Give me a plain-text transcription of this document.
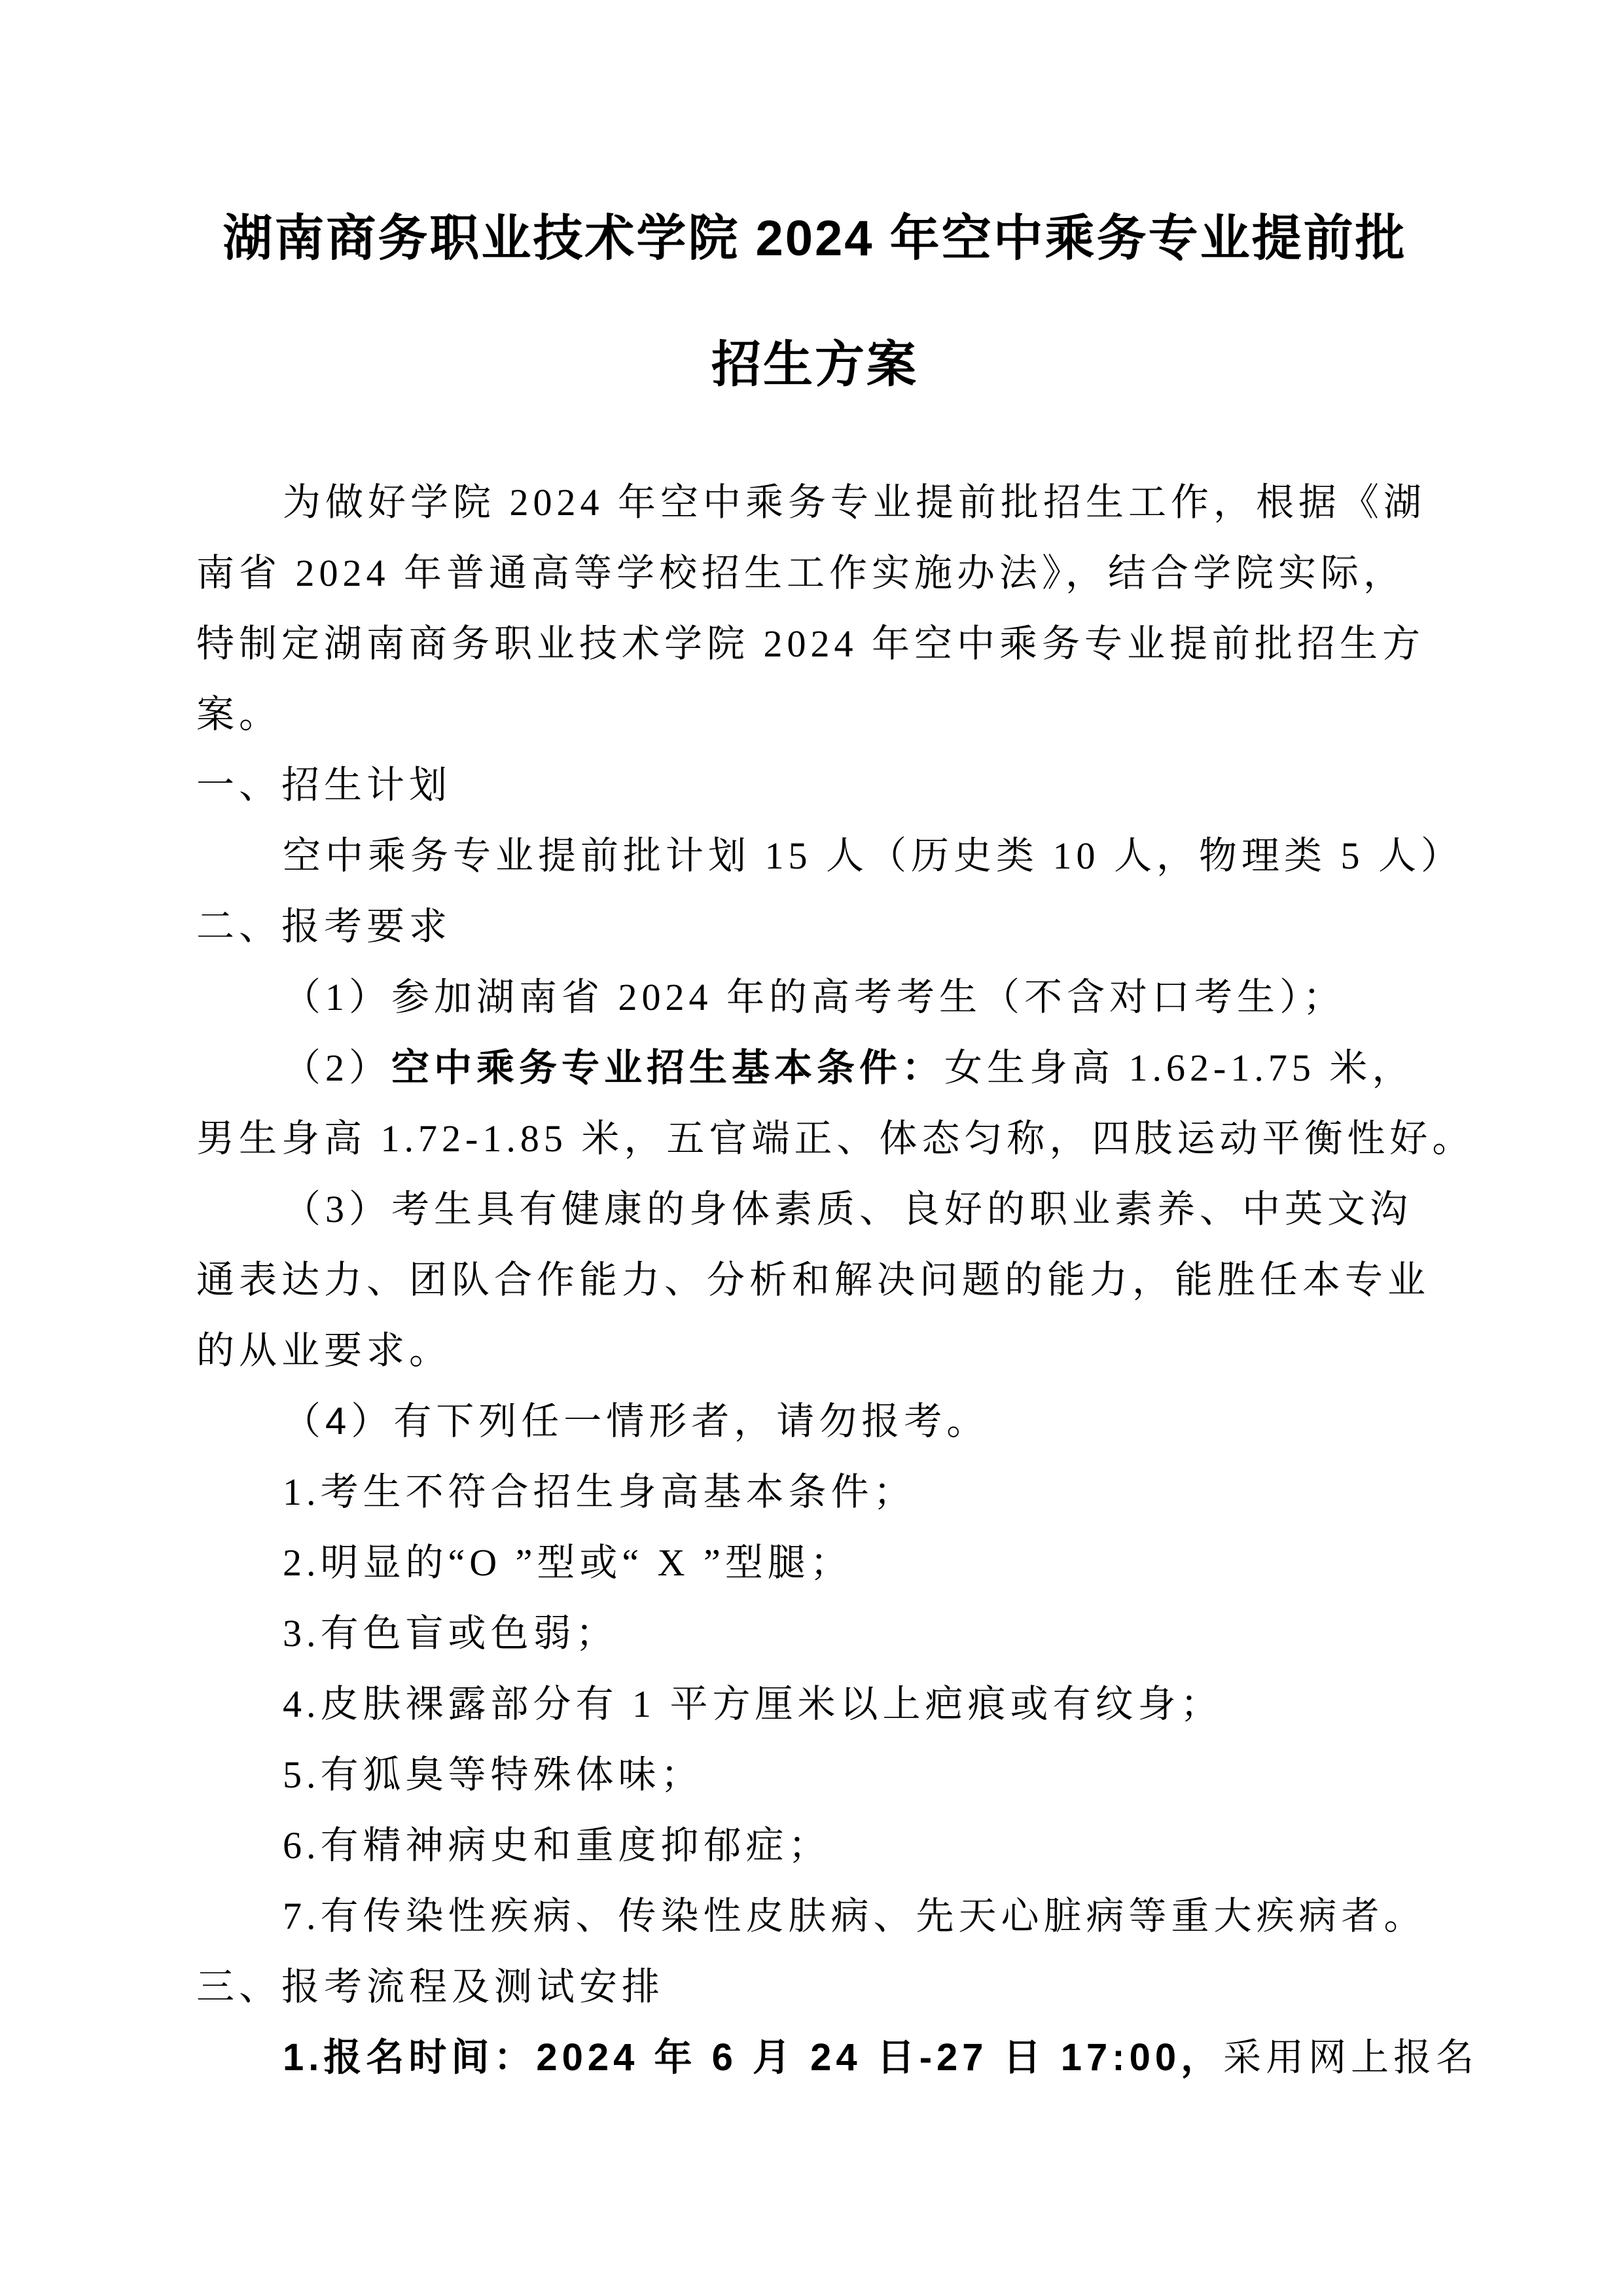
湖南商务职业技术学院 2024 年空中乘务专业提前批
招生方案

为做好学院 2024 年空中乘务专业提前批招生工作，根据《湖

南省 2024 年普通高等学校招生工作实施办法》，结合学院实际，

特制定湖南商务职业技术学院 2024 年空中乘务专业提前批招生方

案。

一、招生计划

空中乘务专业提前批计划 15 人（历史类 10 人，物理类 5 人）

二、报考要求

（1）参加湖南省 2024 年的高考考生（不含对口考生）；

（2）空中乘务专业招生基本条件：女生身高 1.62-1.75 米，

男生身高 1.72-1.85 米，五官端正、体态匀称，四肢运动平衡性好。

（3）考生具有健康的身体素质、良好的职业素养、中英文沟

通表达力、团队合作能力、分析和解决问题的能力，能胜任本专业

的从业要求。

（4）有下列任一情形者，请勿报考。

1.考生不符合招生身高基本条件；

2.明显的“O ”型或“ X ”型腿；

3.有色盲或色弱；

4.皮肤裸露部分有 1 平方厘米以上疤痕或有纹身；

5.有狐臭等特殊体味；

6.有精神病史和重度抑郁症；

7.有传染性疾病、传染性皮肤病、先天心脏病等重大疾病者。

三、报考流程及测试安排

1.报名时间：2024 年 6 月 24 日-27 日 17:00，采用网上报名
